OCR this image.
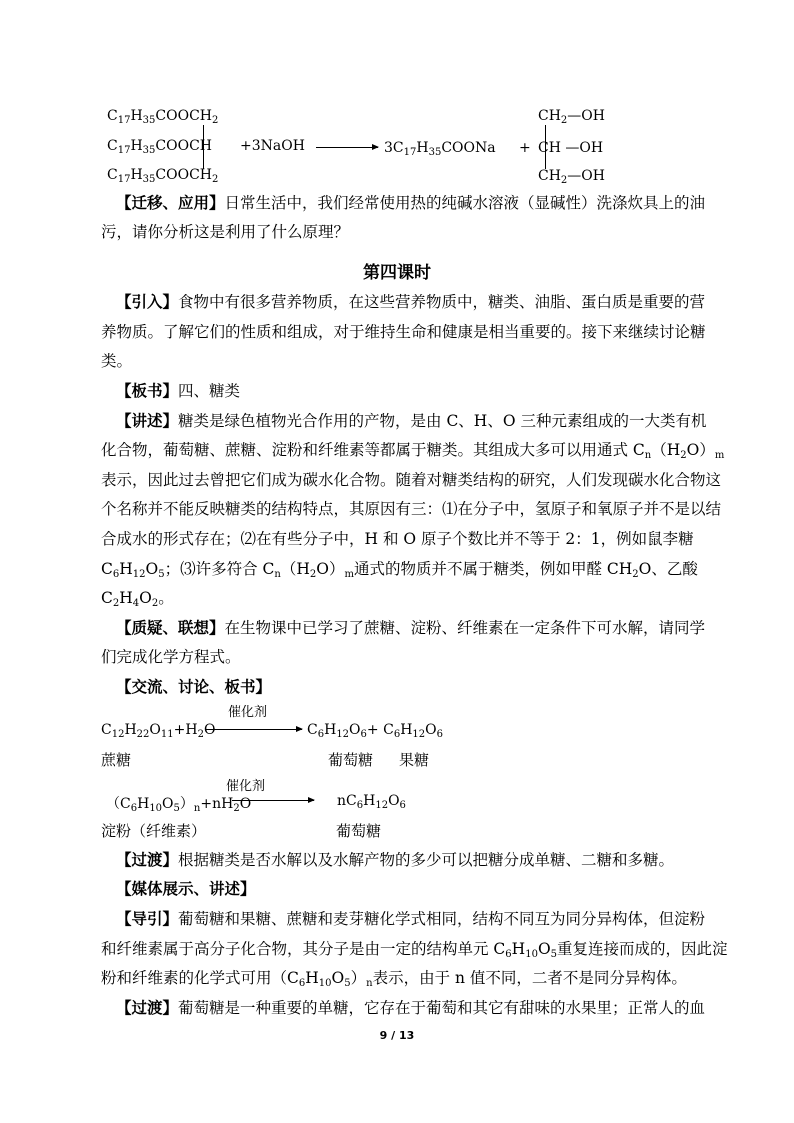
$C_{17}H_{35}COOCH_2$
$C_{17}H_{35}COOCH$
$C_{17}H_{35}COOCH_2$
+3NaOH → $3C_{17}H_{35}COONa$ +
$CH_2—OH$
CH —OH
$CH_2—OH$
【迁移、应用】日常生活中，我们经常使用热的纯碱水溶液（显碱性）洗涤炊具上的油
污，请你分析这是利用了什么原理？
第四课时
【引入】食物中有很多营养物质，在这些营养物质中，糖类、油脂、蛋白质是重要的营
养物质。了解它们的性质和组成，对于维持生命和健康是相当重要的。接下来继续讨论糖
类。
【板书】四、糖类
【讲述】糖类是绿色植物光合作用的产物，是由 C、H、O 三种元素组成的一大类有机
化合物，葡萄糖、蔗糖、淀粉和纤维素等都属于糖类。其组成大多可以用通式 $C_n(H_2O)_m$
表示，因此过去曾把它们成为碳水化合物。随着对糖类结构的研究，人们发现碳水化合物这
个名称并不能反映糖类的结构特点，其原因有三：⑴在分子中，氢原子和氧原子并不是以结
合成水的形式存在；⑵在有些分子中，H 和 O 原子个数比并不等于 2：1，例如鼠李糖
$C_6H_{12}O_5$；⑶许多符合 $C_n(H_2O)_m$通式的物质并不属于糖类，例如甲醛 $CH_2O$、乙酸
$C_2H_4O_2$。
【质疑、联想】在生物课中已学习了蔗糖、淀粉、纤维素在一定条件下可水解，请同学
们完成化学方程式。
【交流、讨论、板书】
催化剂
$C_{12}H_{22}O_{11}+H_2O$	$C_6H_{12}O_6+ C_6H_{12}O_6$
蔗糖	葡萄糖 果糖
催化剂
$(C_6H_{10}O_5)_n+nH_2O$	$nC_6H_{12}O_6$
淀粉（纤维素）	葡萄糖
【过渡】根据糖类是否水解以及水解产物的多少可以把糖分成单糖、二糖和多糖。
【媒体展示、讲述】
【导引】葡萄糖和果糖、蔗糖和麦芽糖化学式相同，结构不同互为同分异构体，但淀粉
和纤维素属于高分子化合物，其分子是由一定的结构单元 $C_6H_{10}O_5$重复连接而成的，因此淀
粉和纤维素的化学式可用$(C_6H_{10}O_5)_n$表示，由于 n 值不同，二者不是同分异构体。
【过渡】葡萄糖是一种重要的单糖，它存在于葡萄和其它有甜味的水果里；正常人的血
9 / 13
